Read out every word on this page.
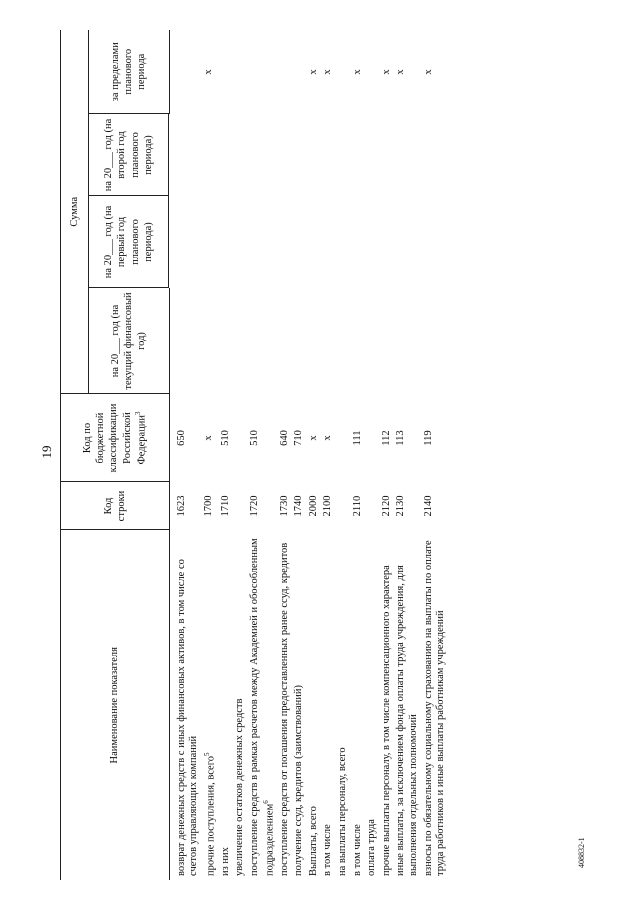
19
Наименование показателя	Код строки	Код по бюджетной классификации Российской Федерации$^3$	Сумма			
			на 20___ год (на текущий финансовый год)	на 20___ год (на первый год планового периода)	на 20___ год (на второй год планового периода)	за пределами планового периода

возврат денежных средств с иных финансовых активов, в том числе со счетов управляющих компаний	1623	650				
прочие поступления, всего$^5$	1700	x				x
из них	1710	510				
увеличение остатков денежных средств						
поступление средств в рамках расчетов между Академией и обособленным подразделением$^6$	1720	510				
поступление средств от погашения предоставленных ранее ссуд, кредитов	1730	640				
получение ссуд, кредитов (заимствований)	1740	710				
Выплаты, всего	2000	x				x
в том числе	2100	x				x
на выплаты персоналу, всего						
в том числе	2110	111				x
оплата труда						
прочие выплаты персоналу, в том числе компенсационного характера	2120	112				x
иные выплаты, за исключением фонда оплаты труда учреждения, для выполнения отдельных полномочий	2130	113				x
взносы по обязательному социальному страхованию на выплаты по оплате труда работников и иные выплаты работникам учреждений	2140	119				x
408832-1
